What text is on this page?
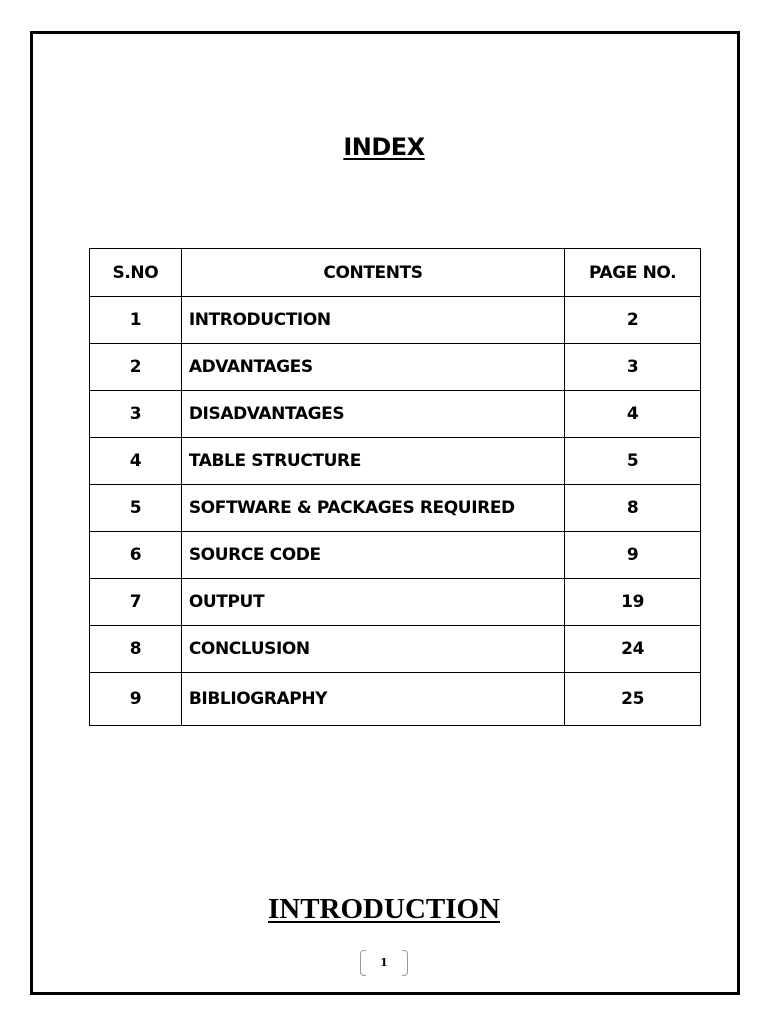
INDEX
S.NO	CONTENTS	PAGE NO.
1	INTRODUCTION	2
2	ADVANTAGES	3
3	DISADVANTAGES	4
4	TABLE STRUCTURE	5
5	SOFTWARE & PACKAGES REQUIRED	8
6	SOURCE CODE	9
7	OUTPUT	19
8	CONCLUSION	24
9	BIBLIOGRAPHY	25
INTRODUCTION
1
